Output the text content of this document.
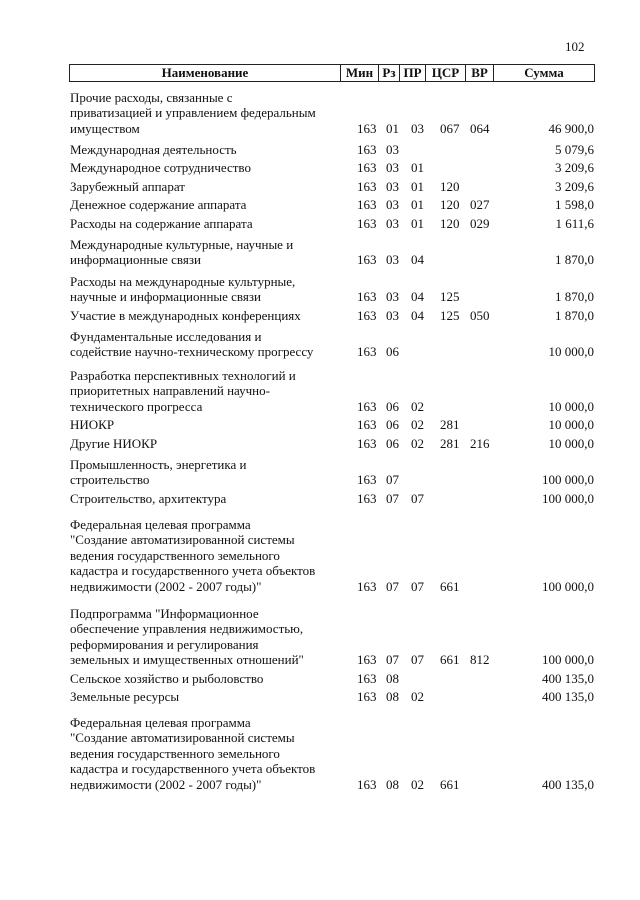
102
Наименование	Мин Рз ПР ЦСР ВР	Сумма
Прочие расходы, связанные с
приватизацией и управлением федеральным
имуществом	163 01 03 067 064	46 900,0
Международная деятельность	163 03	5 079,6
Международное сотрудничество	163 03 01	3 209,6
Зарубежный аппарат	163 03 01 120	3 209,6
Денежное содержание аппарата	163 03 01 120 027	1 598,0
Расходы на содержание аппарата	163 03 01 120 029	1 611,6
Международные культурные, научные и
информационные связи	163 03 04	1 870,0
Расходы на международные культурные,
научные и информационные связи	163 03 04 125	1 870,0
Участие в международных конференциях	163 03 04 125 050	1 870,0
Фундаментальные исследования и
содействие научно-техническому прогрессу	163 06	10 000,0
Разработка перспективных технологий и
приоритетных направлений научно-
технического прогресса	163 06 02	10 000,0
НИОКР	163 06 02 281	10 000,0
Другие НИОКР	163 06 02 281 216	10 000,0
Промышленность, энергетика и
строительство	163 07	100 000,0
Строительство, архитектура	163 07 07	100 000,0
Федеральная целевая программа
"Создание автоматизированной системы
ведения государственного земельного
кадастра и государственного учета объектов
недвижимости (2002 - 2007 годы)"	163 07 07 661	100 000,0
Подпрограмма "Информационное
обеспечение управления недвижимостью,
реформирования и регулирования
земельных и имущественных отношений"	163 07 07 661 812	100 000,0
Сельское хозяйство и рыболовство	163 08	400 135,0
Земельные ресурсы	163 08 02	400 135,0
Федеральная целевая программа
"Создание автоматизированной системы
ведения государственного земельного
кадастра и государственного учета объектов
недвижимости (2002 - 2007 годы)"	163 08 02 661	400 135,0
